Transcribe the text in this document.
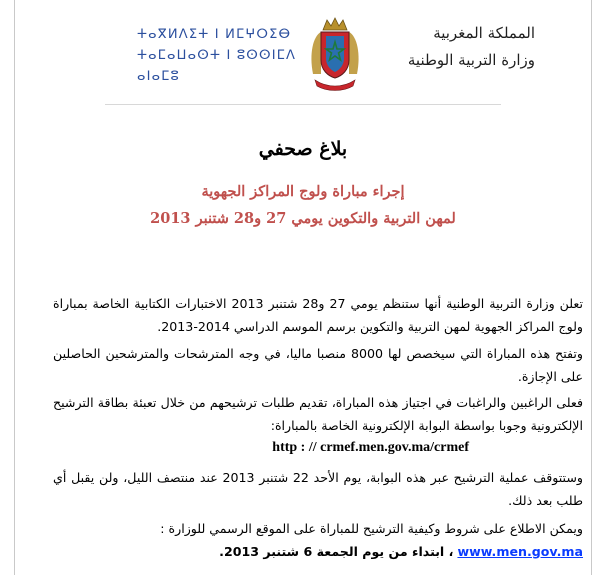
المملكة المغربية
وزارة التربية الوطنية
ⵜⴰⴳⵍⴷⵉⵜ ⵏ ⵍⵎⵖⵔⵉⴱ
ⵜⴰⵎⴰⵡⴰⵙⵜ ⵏ ⵓⵙⵙⵏⵎⴷ
ⴰⵏⴰⵎⵓ
بلاغ صحفي
إجراء مباراة ولوج المراكز الجهوية
لمهن التربية والتكوين يومي 27 و28 شتنبر 2013
تعلن وزارة التربية الوطنية أنها ستنظم يومي 27 و28 شتنبر 2013 الاختبارات الكتابية الخاصة بمباراة ولوج المراكز الجهوية لمهن التربية والتكوين برسم الموسم الدراسي 2014-2013.
وتفتح هذه المباراة التي سيخصص لها 8000 منصبا ماليا، في وجه المترشحات والمترشحين الحاصلين على الإجازة.
فعلى الراغبين والراغبات في اجتياز هذه المباراة، تقديم طلبات ترشيحهم من خلال تعبئة بطاقة الترشيح الإلكترونية وجوبا بواسطة البوابة الإلكترونية الخاصة بالمباراة:
http : // crmef.men.gov.ma/crmef
وستتوقف عملية الترشيح عبر هذه البوابة، يوم الأحد 22 شتنبر 2013 عند منتصف الليل، ولن يقبل أي طلب بعد ذلك.
ويمكن الاطلاع على شروط وكيفية الترشيح للمباراة على الموقع الرسمي للوزارة :
www.men.gov.ma ، ابتداء من يوم الجمعة 6 شتنبر 2013.
